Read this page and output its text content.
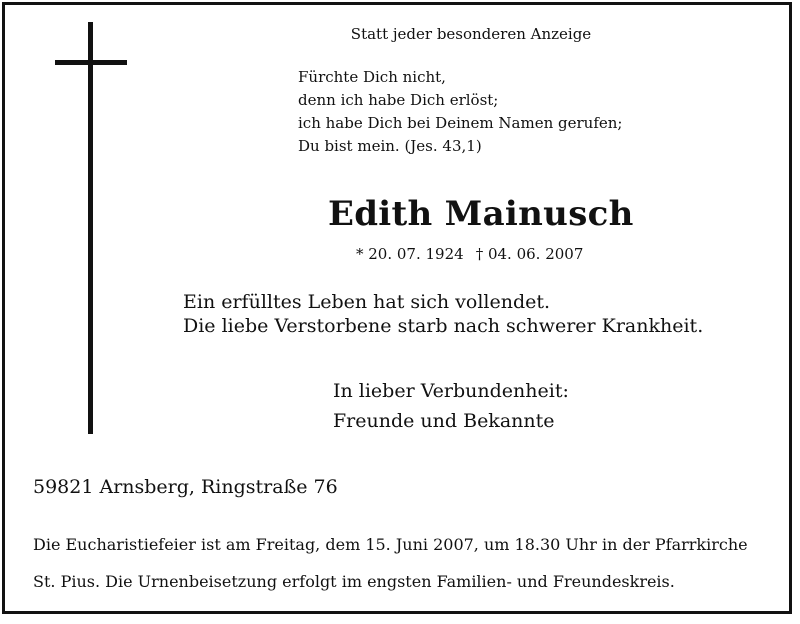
Statt jeder besonderen Anzeige
Fürchte Dich nicht,
denn ich habe Dich erlöst;
ich habe Dich bei Deinem Namen gerufen;
Du bist mein. (Jes. 43,1)
Edith Mainusch
* 20. 07. 1924 † 04. 06. 2007
Ein erfülltes Leben hat sich vollendet.
Die liebe Verstorbene starb nach schwerer Krankheit.
In lieber Verbundenheit:
Freunde und Bekannte
59821 Arnsberg, Ringstraße 76
Die Eucharistiefeier ist am Freitag, dem 15. Juni 2007, um 18.30 Uhr in der Pfarrkirche
St. Pius. Die Urnenbeisetzung erfolgt im engsten Familien- und Freundeskreis.
